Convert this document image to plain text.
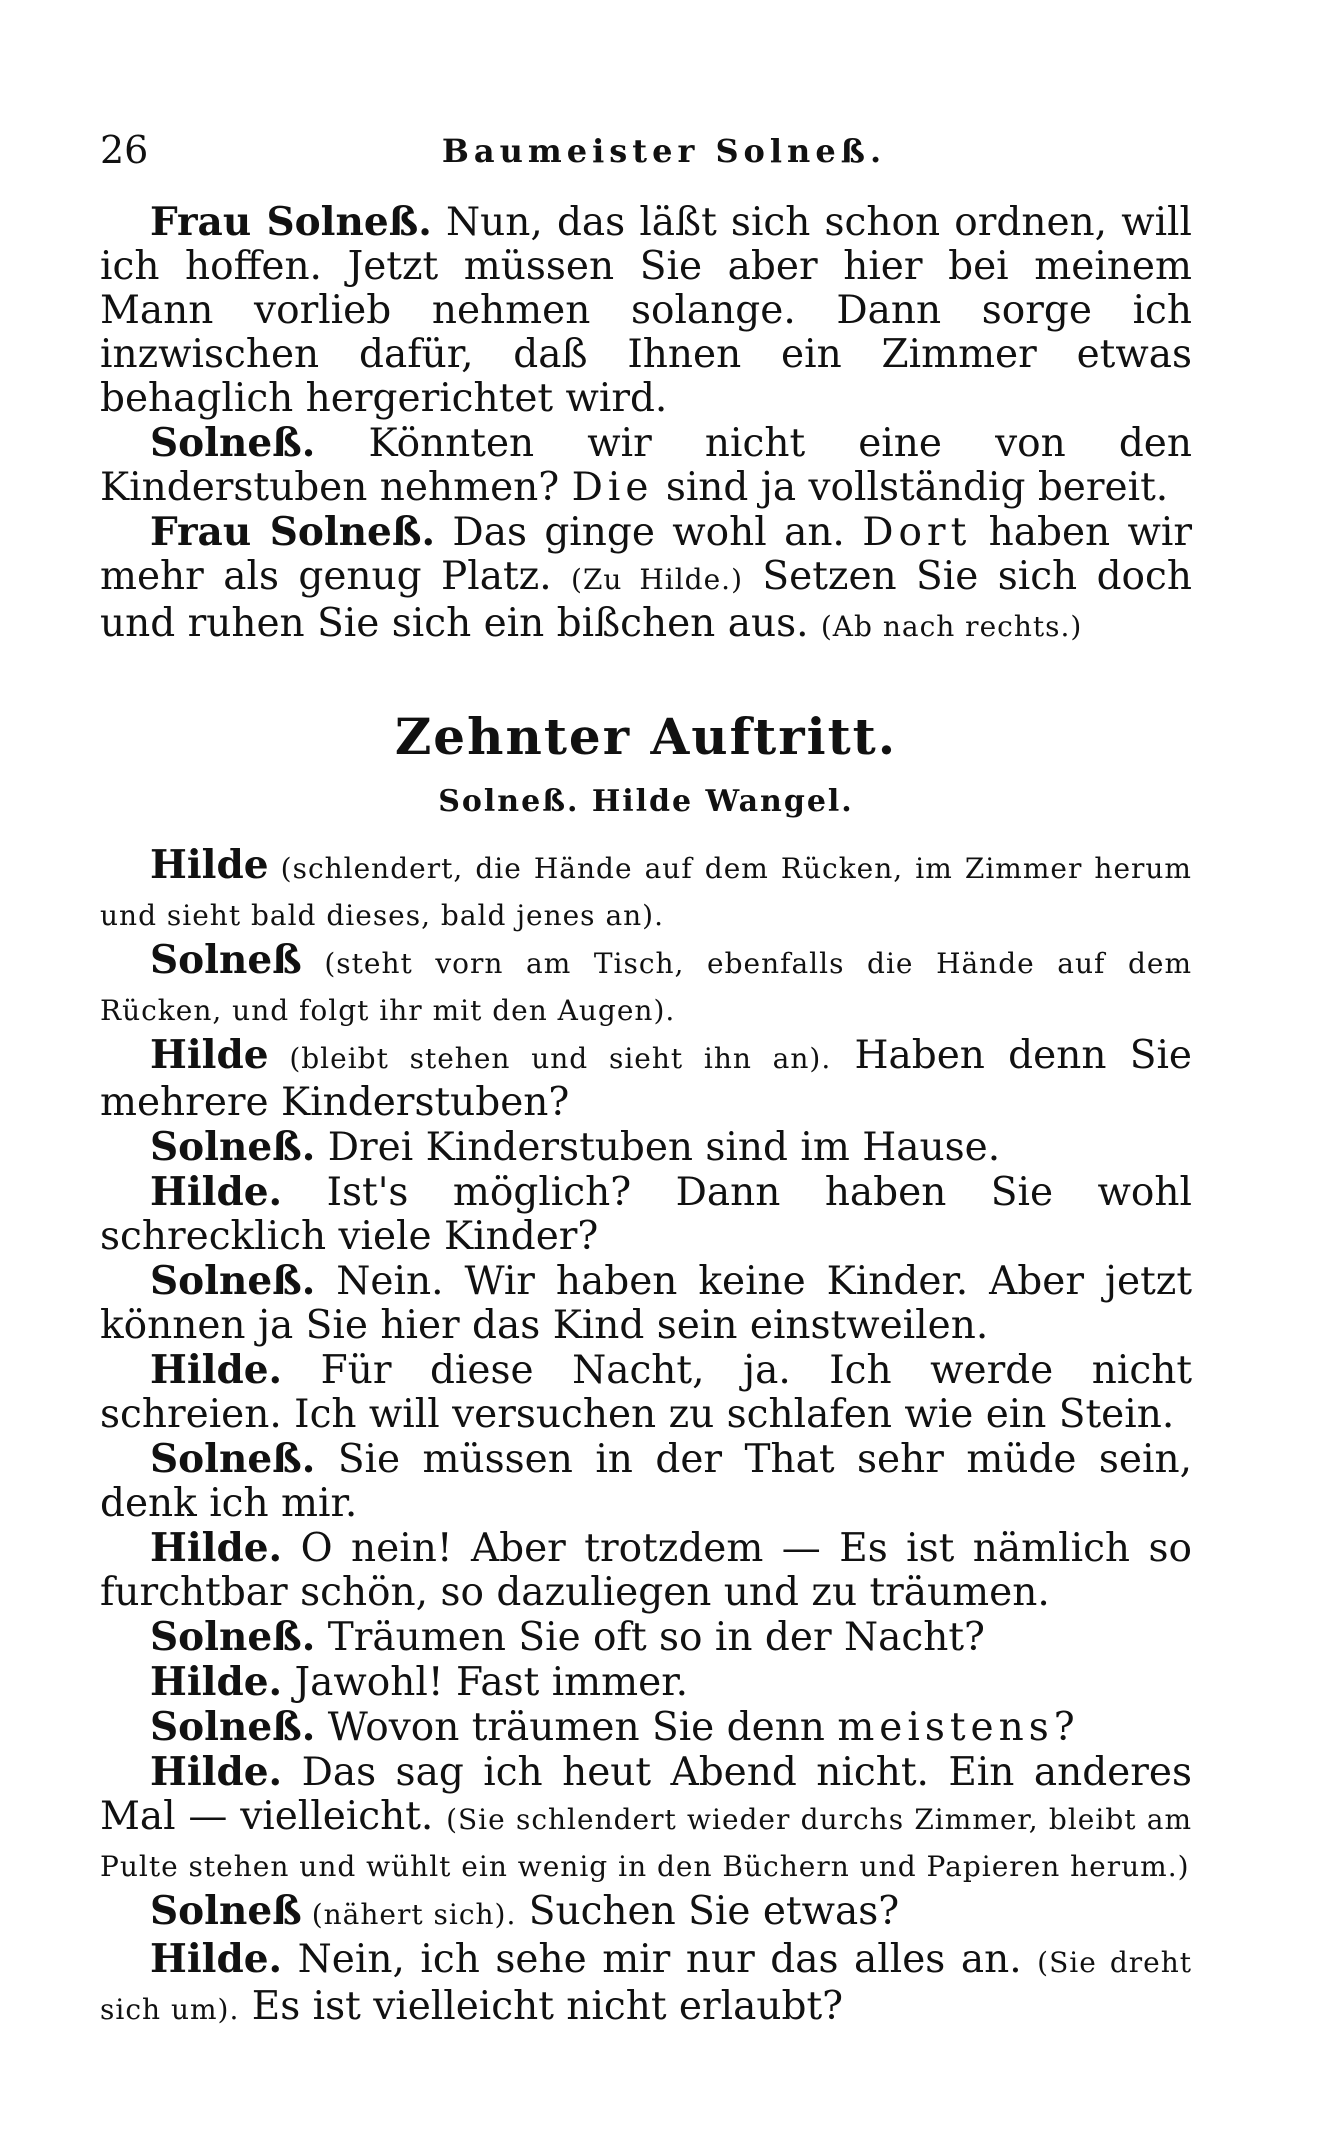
26	Baumeister Solneß.

Frau Solneß. Nun, das läßt sich schon ordnen, will ich hoffen. Jetzt müssen Sie aber hier bei meinem Mann vorlieb nehmen solange. Dann sorge ich inzwischen dafür, daß Ihnen ein Zimmer etwas behaglich hergerichtet wird.

Solneß. Könnten wir nicht eine von den Kinderstuben nehmen? Die sind ja vollständig bereit.

Frau Solneß. Das ginge wohl an. Dort haben wir mehr als genug Platz. (Zu Hilde.) Setzen Sie sich doch und ruhen Sie sich ein bißchen aus. (Ab nach rechts.)

Zehnter Auftritt.
Solneß. Hilde Wangel.

Hilde (schlendert, die Hände auf dem Rücken, im Zimmer herum und sieht bald dieses, bald jenes an).

Solneß (steht vorn am Tisch, ebenfalls die Hände auf dem Rücken, und folgt ihr mit den Augen).

Hilde (bleibt stehen und sieht ihn an). Haben denn Sie mehrere Kinderstuben?

Solneß. Drei Kinderstuben sind im Hause.

Hilde. Ist's möglich? Dann haben Sie wohl schrecklich viele Kinder?

Solneß. Nein. Wir haben keine Kinder. Aber jetzt können ja Sie hier das Kind sein einstweilen.

Hilde. Für diese Nacht, ja. Ich werde nicht schreien. Ich will versuchen zu schlafen wie ein Stein.

Solneß. Sie müssen in der That sehr müde sein, denk ich mir.

Hilde. O nein! Aber trotzdem — Es ist nämlich so furchtbar schön, so dazuliegen und zu träumen.

Solneß. Träumen Sie oft so in der Nacht?

Hilde. Jawohl! Fast immer.

Solneß. Wovon träumen Sie denn meistens?

Hilde. Das sag ich heut Abend nicht. Ein anderes Mal — vielleicht. (Sie schlendert wieder durchs Zimmer, bleibt am Pulte stehen und wühlt ein wenig in den Büchern und Papieren herum.)

Solneß (nähert sich). Suchen Sie etwas?

Hilde. Nein, ich sehe mir nur das alles an. (Sie dreht sich um). Es ist vielleicht nicht erlaubt?
